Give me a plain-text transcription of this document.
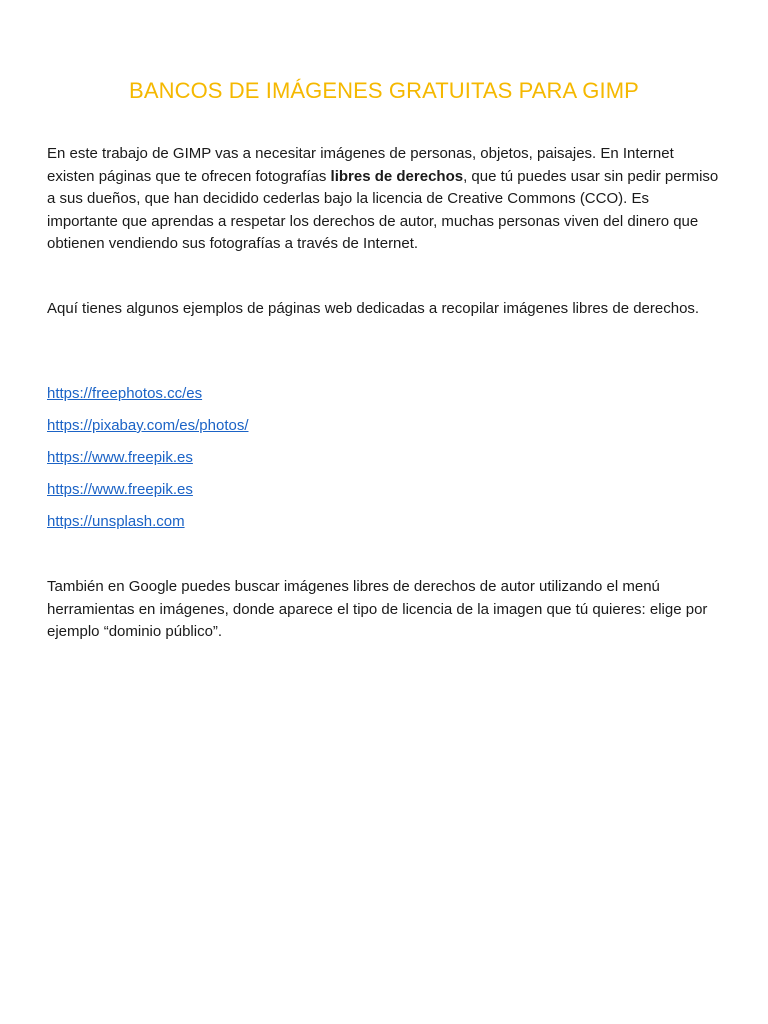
BANCOS DE IMÁGENES GRATUITAS PARA GIMP

En este trabajo de GIMP vas a necesitar imágenes de personas, objetos, paisajes. En Internet existen páginas que te ofrecen fotografías libres de derechos, que tú puedes usar sin pedir permiso a sus dueños, que han decidido cederlas bajo la licencia de Creative Commons (CCO). Es importante que aprendas a respetar los derechos de autor, muchas personas viven del dinero que obtienen vendiendo sus fotografías a través de Internet.

Aquí tienes algunos ejemplos de páginas web dedicadas a recopilar imágenes libres de derechos.

https://freephotos.cc/es
https://pixabay.com/es/photos/
https://www.freepik.es
https://www.freepik.es
https://unsplash.com

También en Google puedes buscar imágenes libres de derechos de autor utilizando el menú herramientas en imágenes, donde aparece el tipo de licencia de la imagen que tú quieres: elige por ejemplo “dominio público”.
